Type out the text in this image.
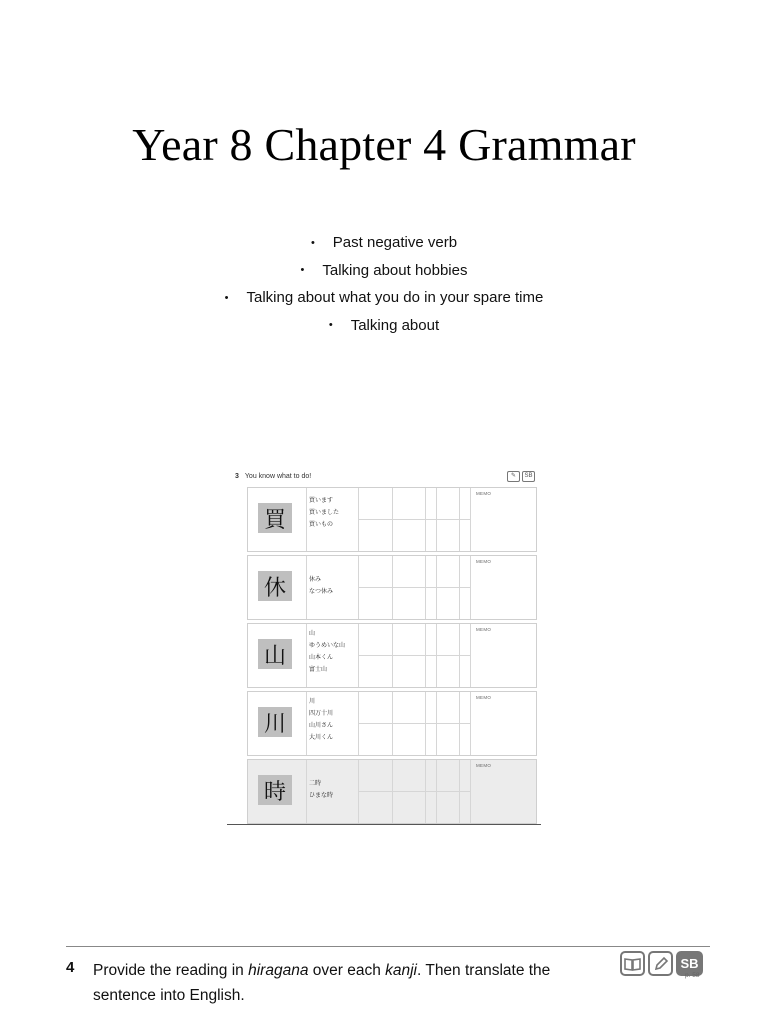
Year 8 Chapter 4 Grammar
• Past negative verb
• Talking about hobbies
• Talking about what you do in your spare time
• Talking about
3 You know what to do!	✎	SB
買
買います
買いました
買いもの
MEMO
休	休み
なつ休み
MEMO
山
山
ゆうめいな山
山本くん
富士山
MEMO
川
川
四万十川
山川さん
大川くん
MEMO
時	二時
ひまな時
MEMO
4 Provide the reading in hiragana over each kanji. Then translate the sentence into English.
SB
p. 58
